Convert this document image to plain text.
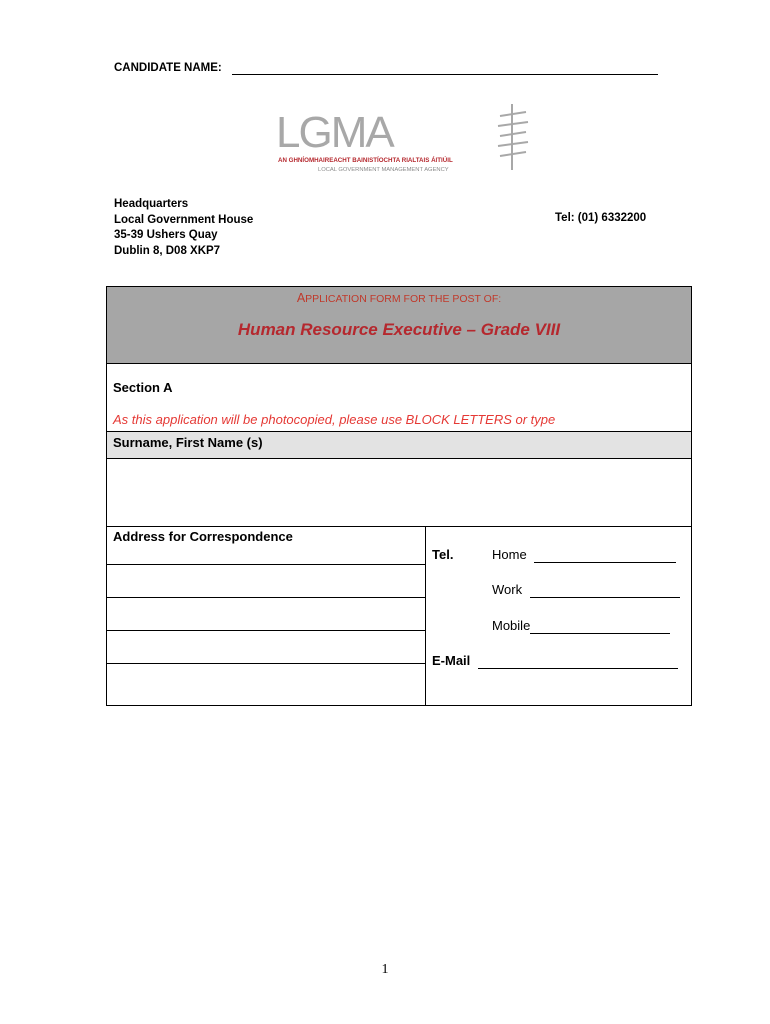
CANDIDATE NAME:
LGMA
AN GHNÍOMHAIREACHT BAINISTÍOCHTA RIALTAIS ÁITIÚIL
LOCAL GOVERNMENT MANAGEMENT AGENCY
Headquarters
Local Government House
35-39 Ushers Quay
Dublin 8, D08 XKP7
Tel: (01) 6332200
APPLICATION FORM FOR THE POST OF:
Human Resource Executive – Grade VIII
Section A
As this application will be photocopied, please use BLOCK LETTERS or type
Surname, First Name (s)
Address for Correspondence
Tel.	Home
Work
Mobile
E-Mail
1
